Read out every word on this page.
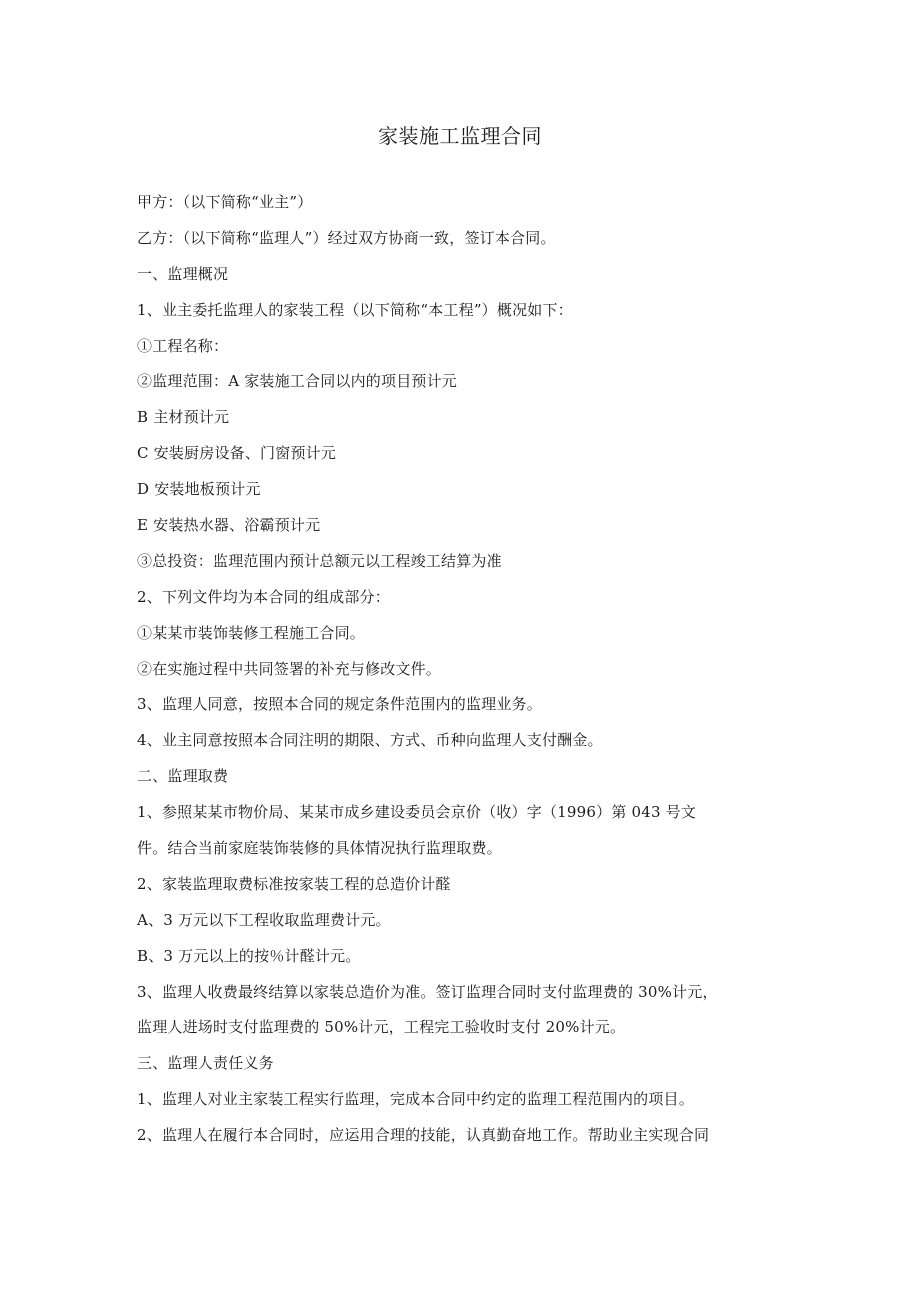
家装施工监理合同
甲方：（以下简称“业主”）
乙方：（以下简称“监理人”）经过双方协商一致，签订本合同。
一、监理概况
1、业主委托监理人的家装工程（以下简称“本工程”）概况如下：
①工程名称：
②监理范围：A 家装施工合同以内的项目预计元
B 主材预计元
C 安装厨房设备、门窗预计元
D 安装地板预计元
E 安装热水器、浴霸预计元
③总投资：监理范围内预计总额元以工程竣工结算为准
2、下列文件均为本合同的组成部分：
①某某市装饰装修工程施工合同。
②在实施过程中共同签署的补充与修改文件。
3、监理人同意，按照本合同的规定条件范围内的监理业务。
4、业主同意按照本合同注明的期限、方式、币种向监理人支付酬金。
二、监理取费
1、参照某某市物价局、某某市成乡建设委员会京价（收）字（1996）第 043 号文
件。结合当前家庭装饰装修的具体情况执行监理取费。
2、家装监理取费标准按家装工程的总造价计醛
A、3 万元以下工程收取监理费计元。
B、3 万元以上的按％计醛计元。
3、监理人收费最终结算以家装总造价为准。签订监理合同时支付监理费的 30%计元，
监理人进场时支付监理费的 50%计元，工程完工验收时支付 20%计元。
三、监理人责任义务
1、监理人对业主家装工程实行监理，完成本合同中约定的监理工程范围内的项目。
2、监理人在履行本合同时，应运用合理的技能，认真勤奋地工作。帮助业主实现合同
